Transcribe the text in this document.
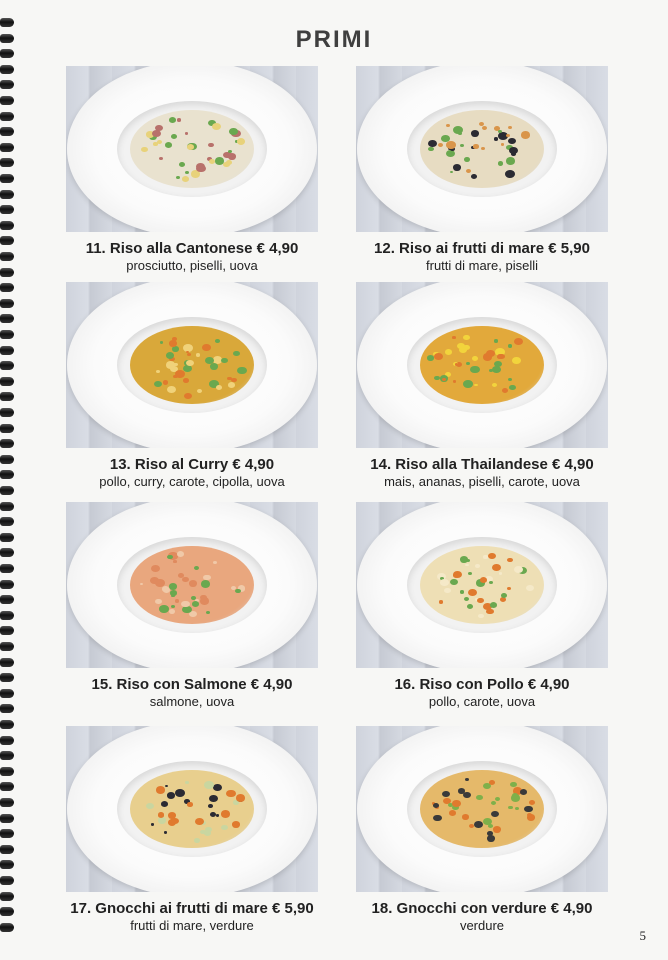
PRIMI
11. Riso alla Cantonese € 4,90
prosciutto, piselli, uova
12. Riso ai frutti di mare € 5,90
frutti di mare, piselli
13. Riso al Curry € 4,90
pollo, curry, carote, cipolla, uova
14. Riso alla Thailandese € 4,90
mais, ananas, piselli, carote, uova
15. Riso con Salmone € 4,90
salmone, uova
16. Riso con Pollo € 4,90
pollo, carote, uova
17. Gnocchi ai frutti di mare € 5,90
frutti di mare, verdure
18. Gnocchi con verdure € 4,90
verdure
5
